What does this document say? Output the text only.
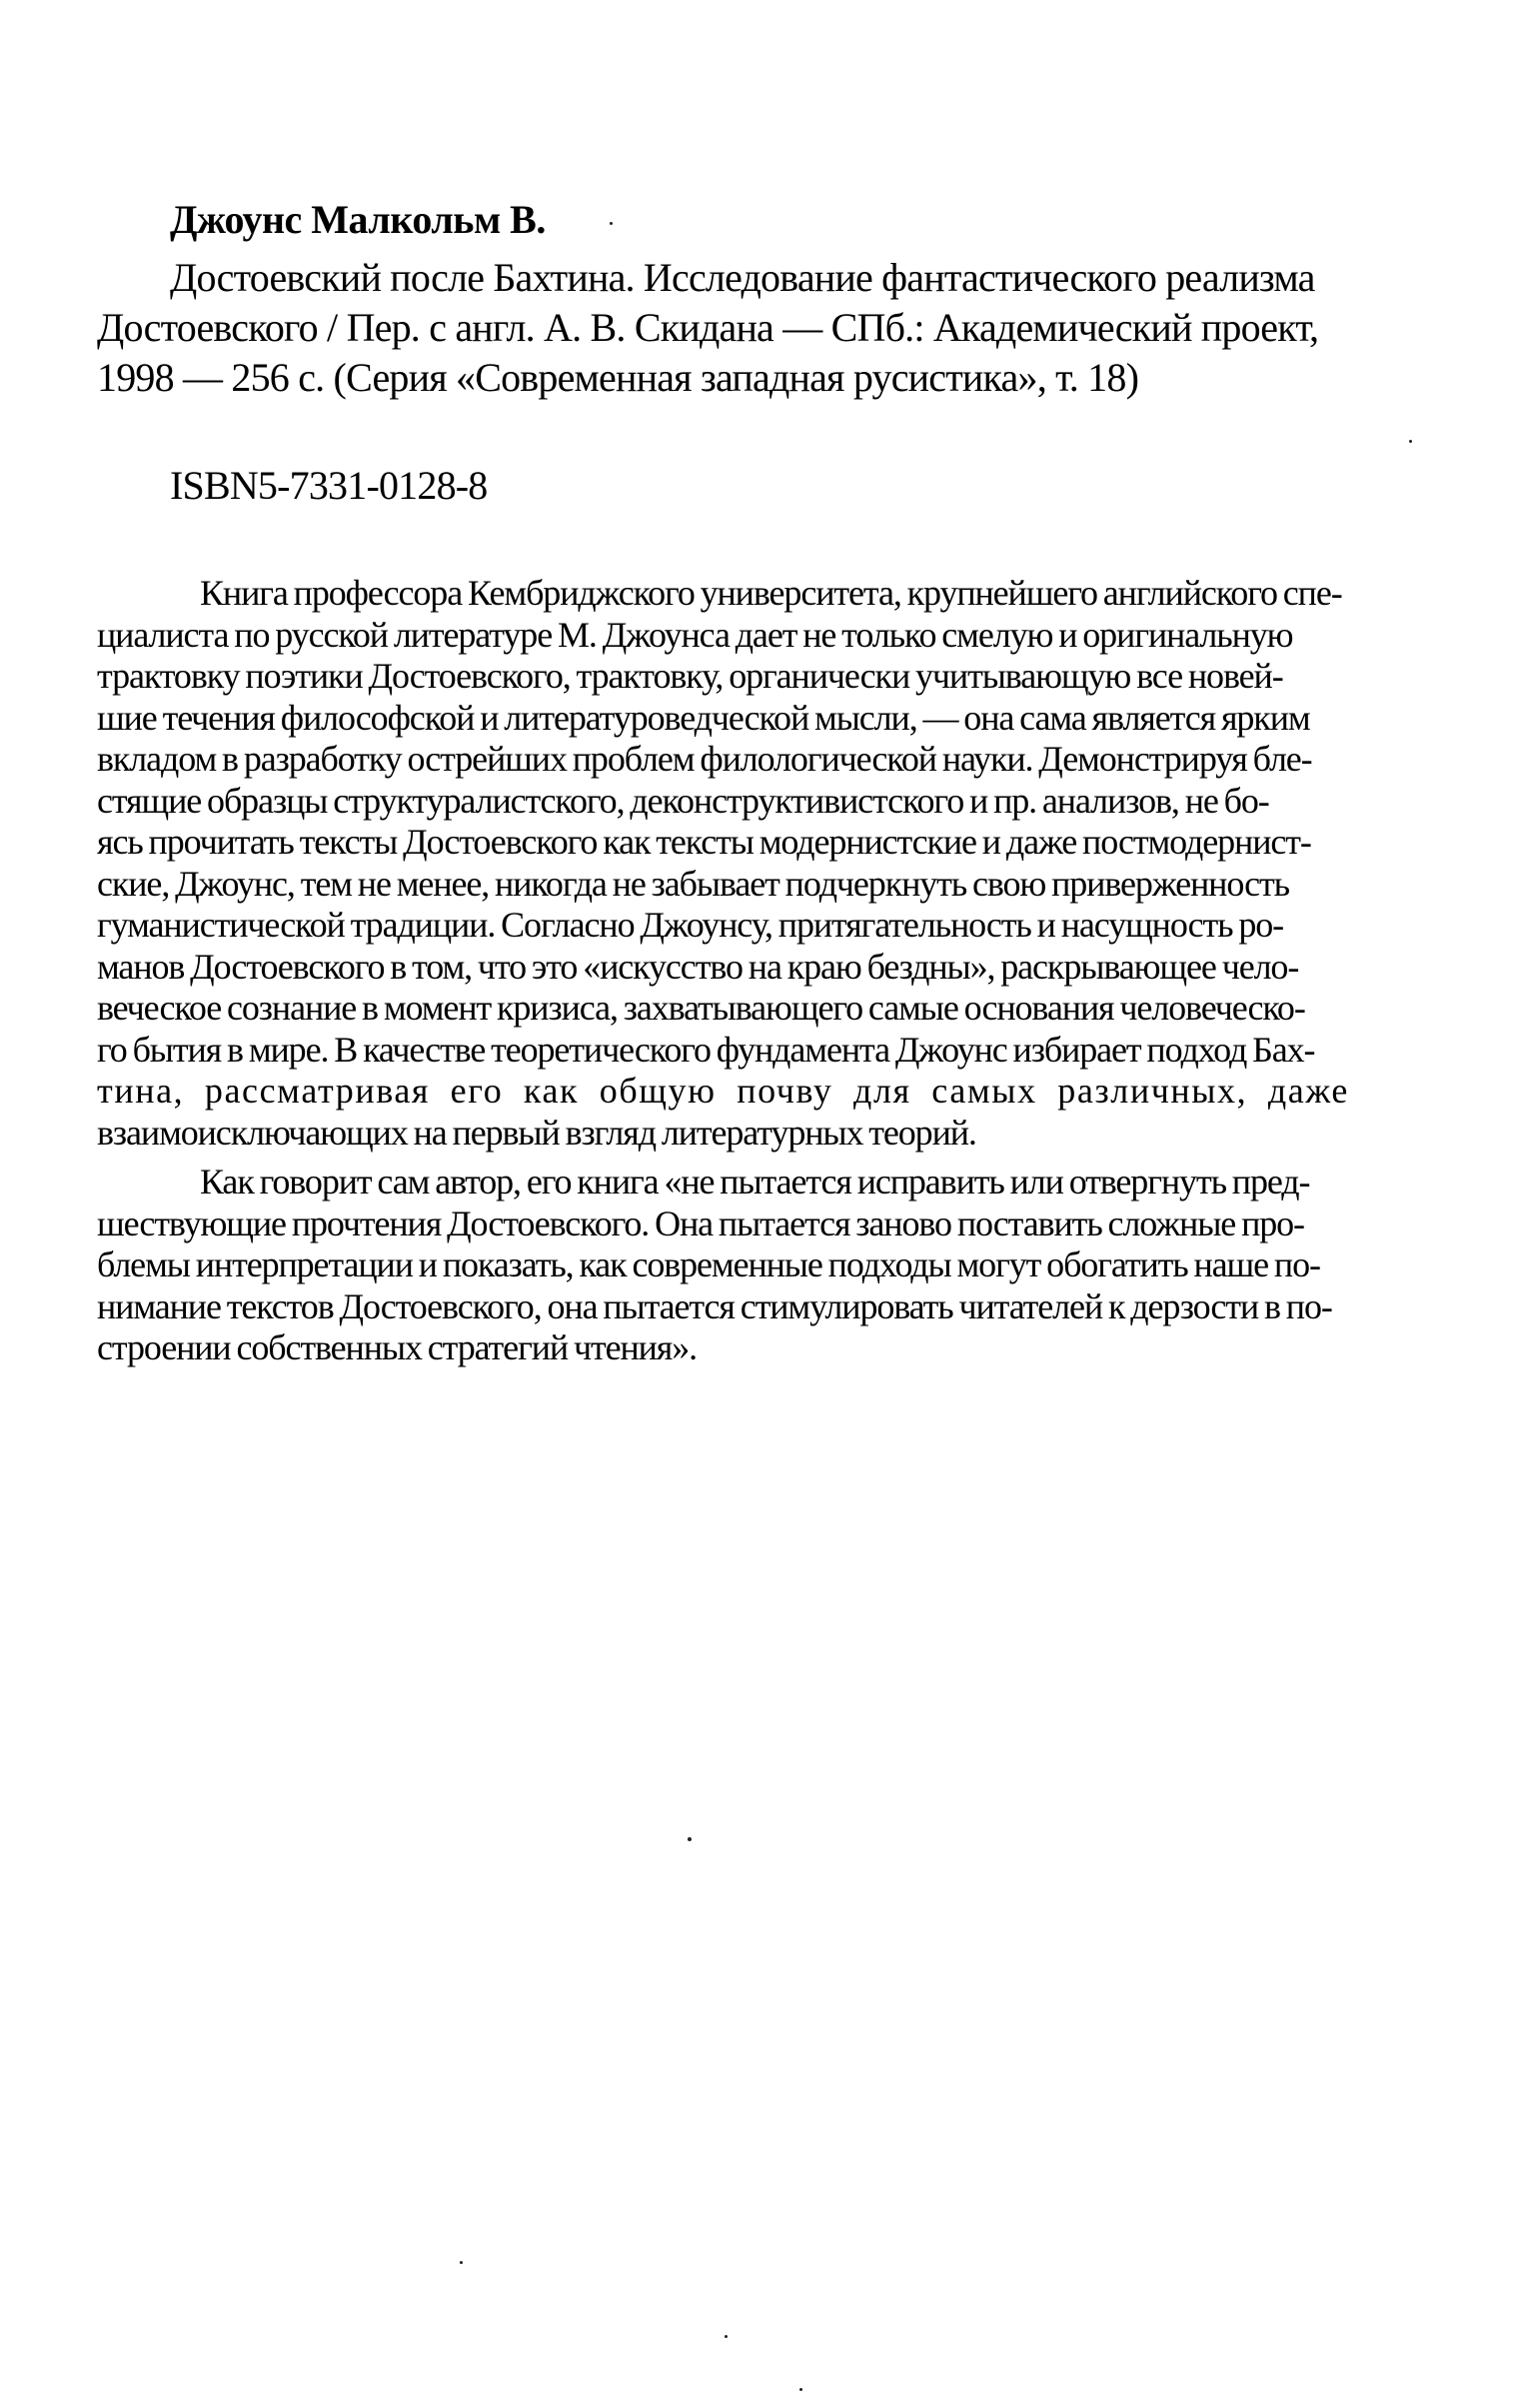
Джоунс Малкольм В.
Достоевский после Бахтина. Исследование фантастического реализма
Достоевского / Пер. с англ. А. В. Скидана — СПб.: Академический проект,
1998 — 256 с. (Серия «Современная западная русистика», т. 18)
ISBN5-7331-0128-8
Книга профессора Кембриджского университета, крупнейшего английского спе-
циалиста по русской литературе М. Джоунса дает не только смелую и оригинальную
трактовку поэтики Достоевского, трактовку, органически учитывающую все новей-
шие течения философской и литературоведческой мысли, — она сама является ярким
вкладом в разработку острейших проблем филологической науки. Демонстрируя бле-
стящие образцы структуралистского, деконструктивистского и пр. анализов, не бо-
ясь прочитать тексты Достоевского как тексты модернистские и даже постмодернист-
ские, Джоунс, тем не менее, никогда не забывает подчеркнуть свою приверженность
гуманистической традиции. Согласно Джоунсу, притягательность и насущность ро-
манов Достоевского в том, что это «искусство на краю бездны», раскрывающее чело-
веческое сознание в момент кризиса, захватывающего самые основания человеческо-
го бытия в мире. В качестве теоретического фундамента Джоунс избирает подход Бах-
тина, рассматривая его как общую почву для самых различных, даже
взаимоисключающих на первый взгляд литературных теорий.
Как говорит сам автор, его книга «не пытается исправить или отвергнуть пред-
шествующие прочтения Достоевского. Она пытается заново поставить сложные про-
блемы интерпретации и показать, как современные подходы могут обогатить наше по-
нимание текстов Достоевского, она пытается стимулировать читателей к дерзости в по-
строении собственных стратегий чтения».
